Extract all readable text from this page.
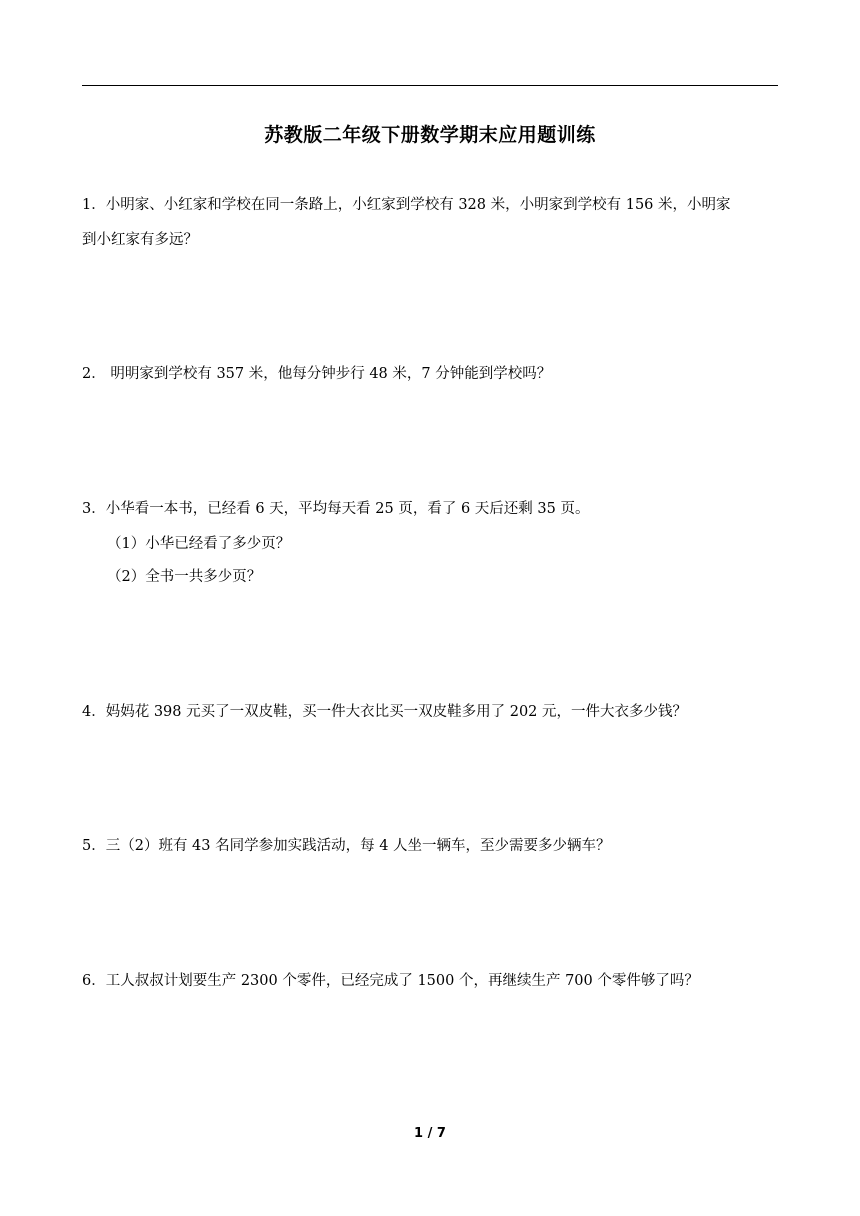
苏教版二年级下册数学期末应用题训练
1．小明家、小红家和学校在同一条路上，小红家到学校有 328 米，小明家到学校有 156 米，小明家
到小红家有多远？
2． 明明家到学校有 357 米，他每分钟步行 48 米，7 分钟能到学校吗？
3．小华看一本书，已经看 6 天，平均每天看 25 页，看了 6 天后还剩 35 页。
（1）小华已经看了多少页？
（2）全书一共多少页？
4．妈妈花 398 元买了一双皮鞋，买一件大衣比买一双皮鞋多用了 202 元，一件大衣多少钱？
5．三（2）班有 43 名同学参加实践活动，每 4 人坐一辆车，至少需要多少辆车？
6．工人叔叔计划要生产 2300 个零件，已经完成了 1500 个，再继续生产 700 个零件够了吗？
1 / 7
